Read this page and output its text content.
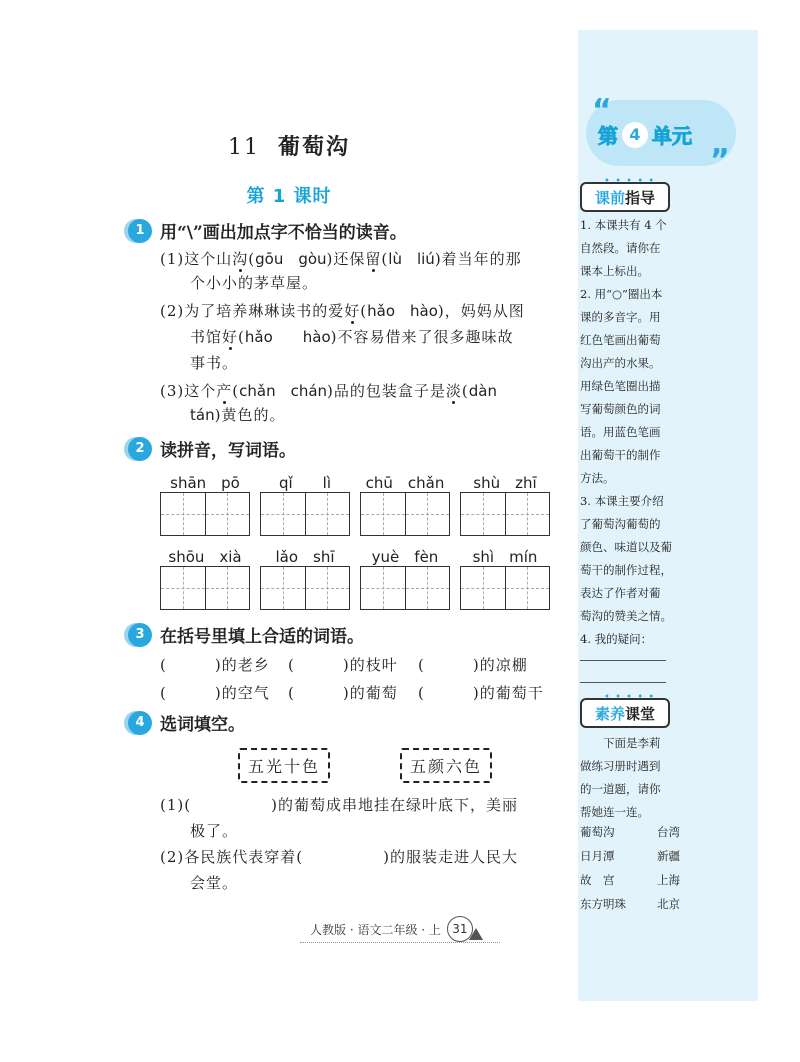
11 葡萄沟
第 1 课时
1 用“\”画出加点字不恰当的读音。
(1)这个山沟(gōu　gòu)还保留(lù　liú)着当年的那
个小小的茅草屋。
(2)为了培养琳琳读书的爱好(hǎo　hào)，妈妈从图
书馆好(hǎo　　hào)不容易借来了很多趣味故
事书。
(3)这个产(chǎn　chán)品的包装盒子是淡(dàn
tán)黄色的。
2 读拼音，写词语。
shān　pō	qǐ　　lì	chū　chǎn	shù　zhī
shōu　xià	lǎo　shī	yuè　fèn	shì　mín
3 在括号里填上合适的词语。
(　　　)的老乡 (　　　)的枝叶 (　　　)的凉棚
(　　　)的空气 (　　　)的葡萄 (　　　)的葡萄干
4 选词填空。
五光十色	五颜六色
(1)(　　　　　)的葡萄成串地挂在绿叶底下，美丽
极了。
(2)各民族代表穿着(　　　　　)的服装走进人民大
会堂。
人教版 · 语文二年级 · 上 31
“
”
第 4 单元
课前 指导
1. 本课共有 4 个
自然段。请你在
课本上标出。
2. 用“○”圈出本
课的多音字。用
红色笔画出葡萄
沟出产的水果。
用绿色笔圈出描
写葡萄颜色的词
语。用蓝色笔画
出葡萄干的制作
方法。
3. 本课主要介绍
了葡萄沟葡萄的
颜色、味道以及葡
萄干的制作过程，
表达了作者对葡
萄沟的赞美之情。
4. 我的疑问：
素养 课堂
　　下面是李莉
做练习册时遇到
的一道题，请你
帮她连一连。
葡萄沟	台湾
日月潭	新疆
故　宫	上海
东方明珠	北京
